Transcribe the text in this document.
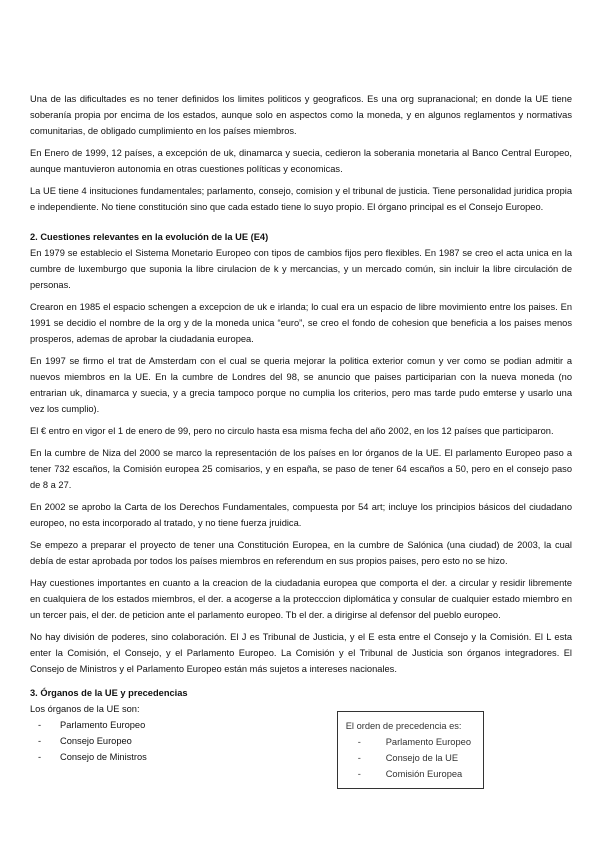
Una de las dificultades es no tener definidos los limites politicos y geograficos. Es una org supranacional; en donde la UE tiene soberanía propia por encima de los estados, aunque solo en aspectos como la moneda, y en algunos reglamentos y normativas comunitarias, de obligado cumplimiento en los países miembros.

En Enero de 1999, 12 países, a excepción de uk, dinamarca y suecia, cedieron la soberania monetaria al Banco Central Europeo, aunque mantuvieron autonomia en otras cuestiones políticas y economicas.

La UE tiene 4 insituciones fundamentales; parlamento, consejo, comision y el tribunal de justicia. Tiene personalidad juridica propia e independiente. No tiene constitución sino que cada estado tiene lo suyo propio. El órgano principal es el Consejo Europeo.

2. Cuestiones relevantes en la evolución de la UE (E4)

En 1979 se establecio el Sistema Monetario Europeo con tipos de cambios fijos pero flexibles. En 1987 se creo el acta unica en la cumbre de luxemburgo que suponia la libre cirulacion de k y mercancias, y un mercado común, sin incluir la libre circulación de personas.

Crearon en 1985 el espacio schengen a excepcion de uk e irlanda; lo cual era un espacio de libre movimiento entre los paises. En 1991 se decidio el nombre de la org y de la moneda unica “euro”, se creo el fondo de cohesion que beneficia a los paises menos prosperos, ademas de aprobar la ciudadania europea.

En 1997 se firmo el trat de Amsterdam con el cual se queria mejorar la politica exterior comun y ver como se podian admitir a nuevos miembros en la UE. En la cumbre de Londres del 98, se anuncio que paises participarian con la nueva moneda (no entrarian uk, dinamarca y suecia, y a grecia tampoco porque no cumplia los criterios, pero mas tarde pudo emterse y usarlo una vez los cumplio).

El € entro en vigor el 1 de enero de 99, pero no circulo hasta esa misma fecha del año 2002, en los 12 países que participaron.

En la cumbre de Niza del 2000 se marco la representación de los países en lor órganos de la UE. El parlamento Europeo paso a tener 732 escaños, la Comisión europea 25 comisarios, y en españa, se paso de tener 64 escaños a 50, pero en el consejo paso de 8 a 27.

En 2002 se aprobo la Carta de los Derechos Fundamentales, compuesta por 54 art; incluye los principios básicos del ciudadano europeo, no esta incorporado al tratado, y no tiene fuerza jruidica.

Se empezo a preparar el proyecto de tener una Constitución Europea, en la cumbre de Salónica (una ciudad) de 2003, la cual debía de estar aprobada por todos los países miembros en referendum en sus propios paises, pero esto no se hizo.

Hay cuestiones importantes en cuanto a la creacion de la ciudadania europea que comporta el der. a circular y residir libremente en cualquiera de los estados miembros, el der. a acogerse a la protecccion diplomática y consular de cualquier estado miembro en un tercer pais, el der. de peticion ante el parlamento europeo. Tb el der. a dirigirse al defensor del pueblo europeo.

No hay división de poderes, sino colaboración. El J es Tribunal de Justicia, y el E esta entre el Consejo y la Comisión. El L esta enter la Comisión, el Consejo, y el Parlamento Europeo. La Comisión y el Tribunal de Justicia son órganos integradores. El Consejo de Ministros y el Parlamento Europeo están más sujetos a intereses nacionales.

3. Órganos de la UE y precedencias
Los órganos de la UE son:
-	Parlamento Europeo
-	Consejo Europeo
-	Consejo de Ministros
El orden de precedencia es:
-	Parlamento Europeo
-	Consejo de la UE
-	Comisión Europea
